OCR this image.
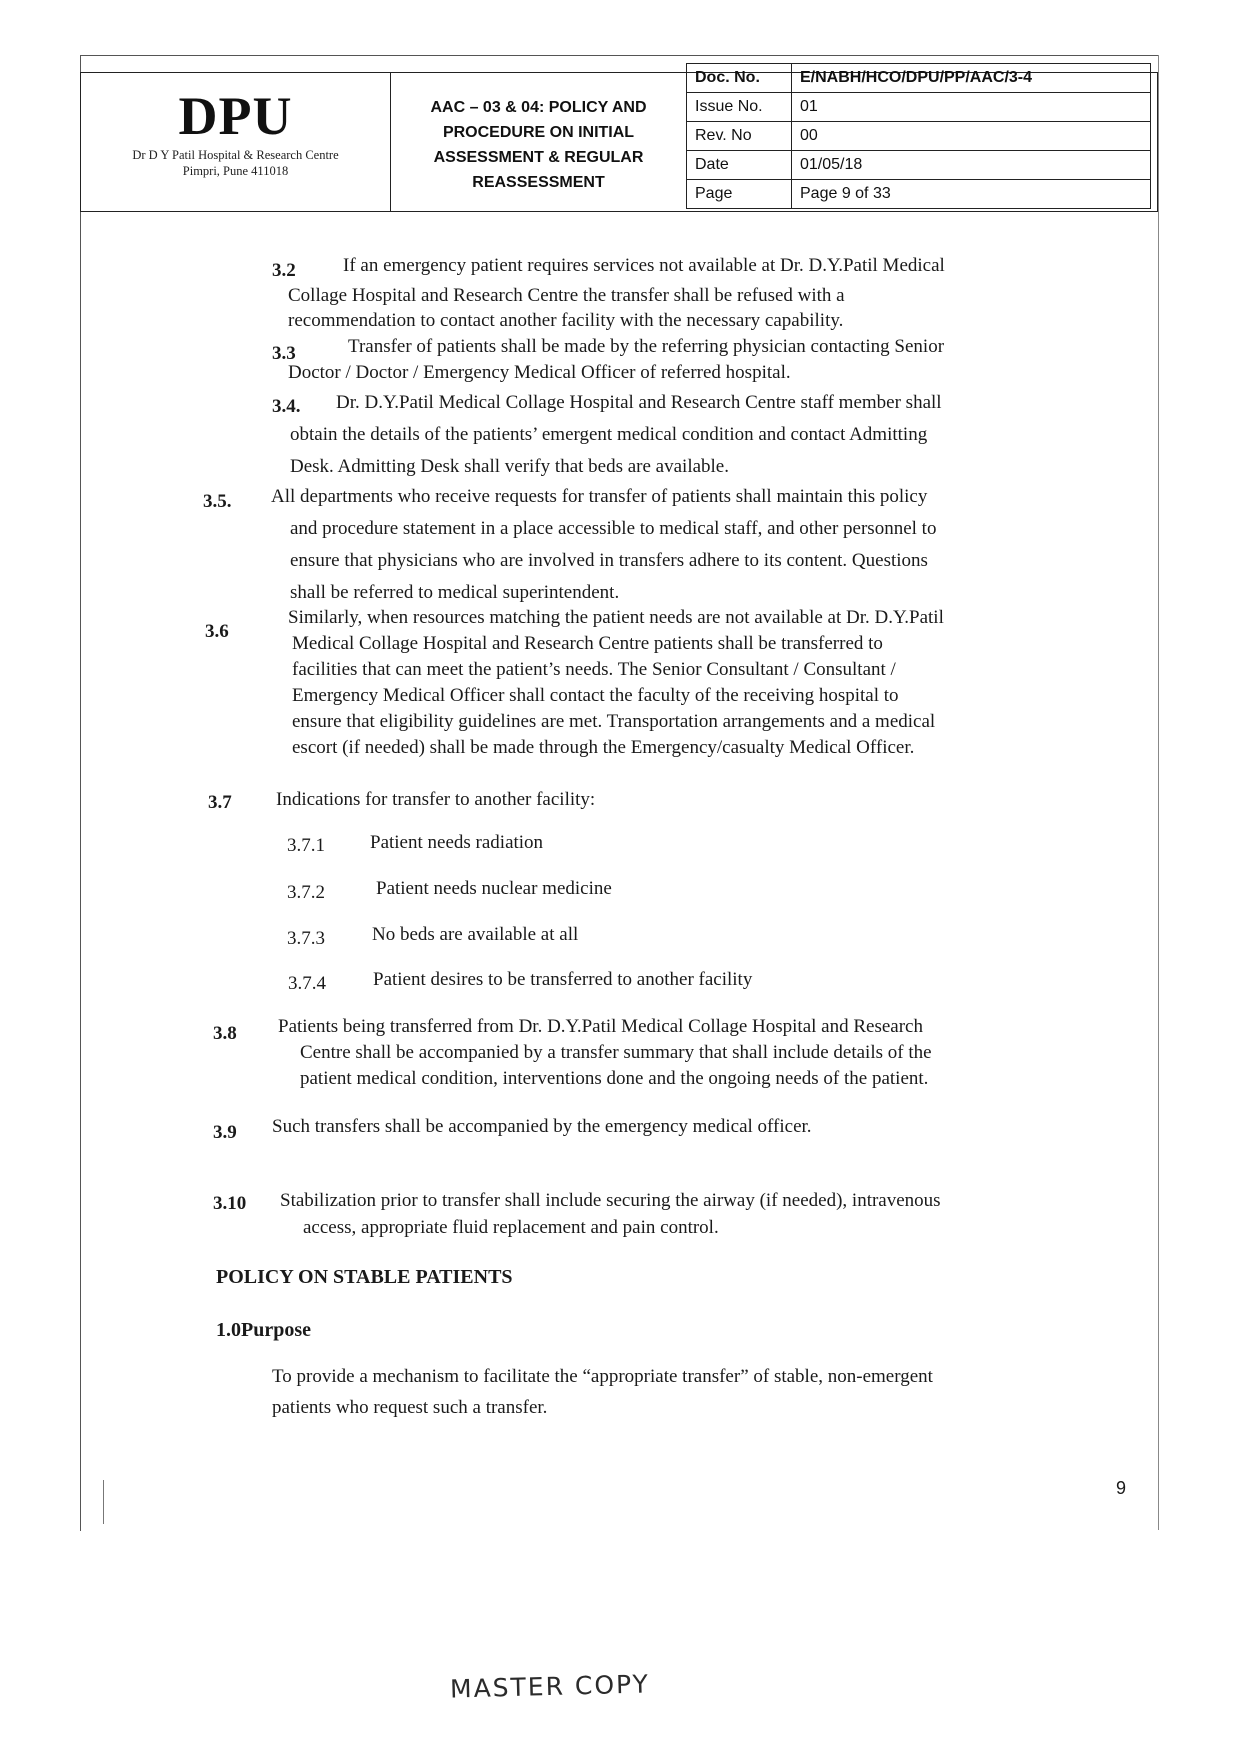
DPU
Dr D Y Patil Hospital & Research Centre
Pimpri, Pune 411018
AAC – 03 & 04: POLICY AND
PROCEDURE ON INITIAL
ASSESSMENT & REGULAR
REASSESSMENT
Doc. No.	E/NABH/HCO/DPU/PP/AAC/3-4
Issue No.	01
Rev. No	00
Date	01/05/18
Page	Page 9 of 33
3.2 If an emergency patient requires services not available at Dr. D.Y.Patil Medical
Collage Hospital and Research Centre the transfer shall be refused with a
recommendation to contact another facility with the necessary capability.
3.3	Transfer of patients shall be made by the referring physician contacting Senior
Doctor / Doctor / Emergency Medical Officer of referred hospital.
3.4. Dr. D.Y.Patil Medical Collage Hospital and Research Centre staff member shall
obtain the details of the patients’ emergent medical condition and contact Admitting
Desk. Admitting Desk shall verify that beds are available.
3.5. All departments who receive requests for transfer of patients shall maintain this policy
and procedure statement in a place accessible to medical staff, and other personnel to
ensure that physicians who are involved in transfers adhere to its content. Questions
shall be referred to medical superintendent.
3.6
Similarly, when resources matching the patient needs are not available at Dr. D.Y.Patil
Medical Collage Hospital and Research Centre patients shall be transferred to
facilities that can meet the patient’s needs. The Senior Consultant / Consultant /
Emergency Medical Officer shall contact the faculty of the receiving hospital to
ensure that eligibility guidelines are met. Transportation arrangements and a medical
escort (if needed) shall be made through the Emergency/casualty Medical Officer.
3.7 Indications for transfer to another facility:
3.7.1 Patient needs radiation
3.7.2	Patient needs nuclear medicine
3.7.3 No beds are available at all
3.7.4 Patient desires to be transferred to another facility
3.8 Patients being transferred from Dr. D.Y.Patil Medical Collage Hospital and Research
Centre shall be accompanied by a transfer summary that shall include details of the
patient medical condition, interventions done and the ongoing needs of the patient.
3.9 Such transfers shall be accompanied by the emergency medical officer.
3.10 Stabilization prior to transfer shall include securing the airway (if needed), intravenous
access, appropriate fluid replacement and pain control.
POLICY ON STABLE PATIENTS
1.0Purpose
To provide a mechanism to facilitate the “appropriate transfer” of stable, non-emergent
patients who request such a transfer.
9
MASTER COPY
